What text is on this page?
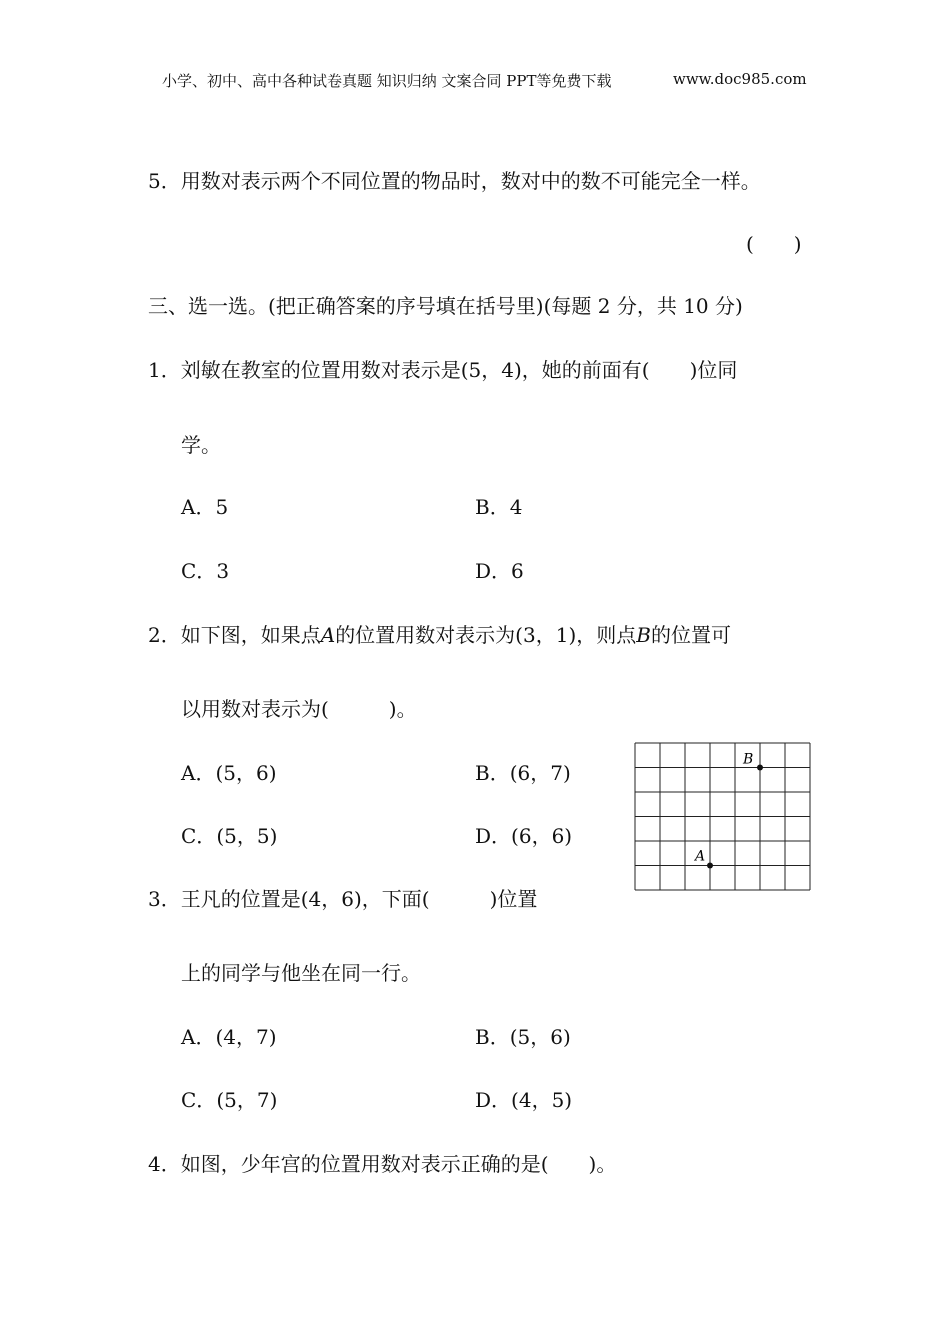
小学、初中、高中各种试卷真题 知识归纳 文案合同 PPT等免费下载	www.doc985.com
5．用数对表示两个不同位置的物品时，数对中的数不可能完全一样。
(　　)
三、选一选。(把正确答案的序号填在括号里)(每题 2 分，共 10 分)
1．刘敏在教室的位置用数对表示是(5，4)，她的前面有(　　)位同
学。
A．5	B．4
C．3	D．6
2．如下图，如果点A的位置用数对表示为(3，1)，则点B的位置可
以用数对表示为(　　　)。
A．(5，6)	B．(6，7)
C．(5，5)	D．(6，6)
B
A
3．王凡的位置是(4，6)，下面(　　　)位置
上的同学与他坐在同一行。
A．(4，7)	B．(5，6)
C．(5，7)	D．(4，5)
4．如图，少年宫的位置用数对表示正确的是(　　)。
